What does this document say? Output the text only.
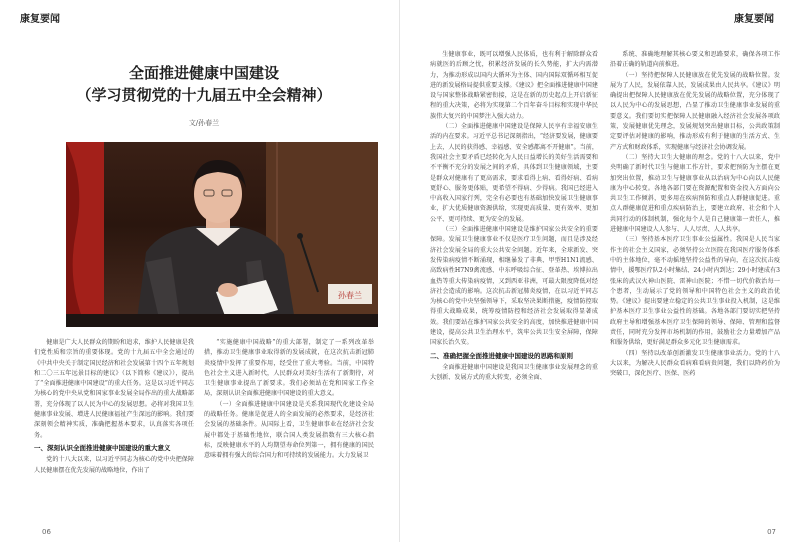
康复要闻
全面推进健康中国建设
（学习贯彻党的十九届五中全会精神）
文/孙春兰
孙春兰

健康是广大人民群众的期盼和追求，维护人民健康是我们党性质和宗旨的重要体现。党的十九届五中全会通过的《中共中央关于制定国民经济和社会发展第十四个五年规划和二〇三五年远景目标的建议》（以下简称《建议》），提出了“全面推进健康中国建设”的重大任务。这是以习近平同志为核心的党中央从党和国家事业发展全局作出的重大战略部署，充分体现了以人民为中心的发展思想。必将对我国卫生健康事业发展、增进人民健康福祉产生深远的影响。我们要深刻领会精神实质，准确把握基本要求，认真落实各项任务。

一、深刻认识全面推进健康中国建设的重大意义

党的十八大以来，以习近平同志为核心的党中央把保障人民健康摆在优先发展的战略地位，作出了

“实施健康中国战略”的重大部署，制定了一系列改革举措，推动卫生健康事业取得新的发展成就，在这次抗击新冠肺炎疫情中发挥了重要作用，经受住了重大考验。当前，中国特色社会主义进入新时代，人民群众对美好生活有了新期待，对卫生健康事业提出了新要求。我们必须站在党和国家工作全局，深刻认识全面推进健康中国建设的重大意义。

（一）全面推进健康中国建设是关系我国现代化建设全局的战略任务。健康是促进人的全面发展的必然要求，是经济社会发展的基础条件。从国际上看，卫生健康事业在经济社会发展中都处于基础性地位，联合国人类发展指数有三大核心指标，反映健康水平的人均期望寿命位列第一，拥有健康的国民意味着拥有强大的综合国力和可持续的发展能力。大力发展卫

06
康复要闻

生健康事业，既可以增强人民体质，也有利于解除群众看病就医的后顾之忧，积累经济发展的长久势能，扩大内需潜力，为推动形成以国内大循环为主体、国内国际双循环相互促进的新发展格局提供重要支撑。《建议》把全面推进健康中国建设与国家整体战略紧密衔接，这是在新的历史起点上开启新征程的重大决策，必将为实现第二个百年奋斗目标和实现中华民族伟大复兴的中国梦注入强大动力。

（二）全面推进健康中国建设是保障人民享有幸福安康生活的内在要求。习近平总书记深刻指出，“经济要发展，健康要上去，人民的获得感、幸福感、安全感都离不开健康”。当前，我国社会主要矛盾已经转化为人民日益增长的美好生活需要和不平衡不充分的发展之间的矛盾，具体到卫生健康领域，主要是群众对健康有了更高需求，要求看得上病、看得好病、看病更舒心、服务更体贴，更希望不得病、少得病。我国已经进入中高收入国家行列，完全有必要也有基础加快发展卫生健康事业，扩大优质健康资源供给，实现更高质量、更有效率、更加公平、更可持续、更为安全的发展。

（三）全面推进健康中国建设是维护国家公共安全的重要保障。发展卫生健康事业不仅是医疗卫生问题，而且是涉及经济社会发展全局的重大公共安全问题。近年来，全球新发、突发传染病疫情不断涌现，相继暴发了非典、甲型H1N1流感、高致病性H7N9禽流感、中东呼吸综合征、登革热、埃博拉出血热等重大传染病疫情，又到西亚非洲，可最大限度降低对经济社会造成的影响。这次抗击新冠肺炎疫情，在以习近平同志为核心的党中央坚强领导下，采取坚决果断措施，疫情防控取得重大战略成果，统筹疫情防控和经济社会发展取得显著成效。我们要站在维护国家公共安全的高度，加快推进健康中国建设，提高公共卫生治理水平，筑牢公共卫生安全屏障，保障国家长治久安。

二、准确把握全面推进健康中国建设的思路和原则

全面推进健康中国建设是我国卫生健康事业发展理念的重大创新、发展方式的重大转变，必须全面、

系统、准确地理解其核心要义和思路要求，确保各项工作沿着正确的轨道向前推进。

（一）坚持把保障人民健康放在优先发展的战略位置。发展为了人民，发展依靠人民，发展成果由人民共享。《建议》明确提出把保障人民健康放在优先发展的战略位置，充分体现了以人民为中心的发展思想，凸显了推动卫生健康事业发展的重要意义。我们要切实把保障人民健康融入经济社会发展各项政策，发展健康优先理念，发展规划突出健康目标，公共政策制定要评估对健康的影响，推动形成有利于健康的生活方式、生产方式和财政体系，实现健康与经济社会协调发展。

（二）坚持大卫生大健康的理念。党的十八大以来，党中央明确了新时代卫生与健康工作方针，要求把预防为主摆在更加突出位置，推动卫生与健康事业从以治病为中心向以人民健康为中心转变。各地各部门要在资源配置和资金投入方面向公共卫生工作倾斜，更多用在疾病预防和重点人群健康促进。重点人群健康促进和重点疾病防治上，要建立政府、社会和个人共同行动的体制机制，强化每个人是自己健康第一责任人，推进健康中国建设人人参与、人人尽责、人人共享。

（三）坚持基本医疗卫生事业公益属性。我国是人民当家作主的社会主义国家，必须坚持公立医院在我国医疗服务体系中的主体地位，毫不动摇地坚持公益性的导向，在这次抗击疫情中，援鄂医疗队2小时集结、24小时内到达；29小时建成有3张床的武汉火神山医院、雷神山医院；不惜一切代价救治每一个患者，生动展示了党的领导和中国特色社会主义的政治优势。《建议》提出要建立稳定的公共卫生事业投入机制，这是维护基本医疗卫生事业公益性的基础。各地各部门要切实把坚持政府主导和增强基本医疗卫生保障的领导、保障、管理和监督责任，同时充分发挥市场机制的作用，鼓励社会力量增加产品和服务供给，更好满足群众多元化卫生健康需求。

（四）坚持以改革创新激发卫生健康事业活力。党的十八大以来，为解决人民群众看病难看病贵问题，我们以降药价为突破口，深化医疗、医保、医药

07
